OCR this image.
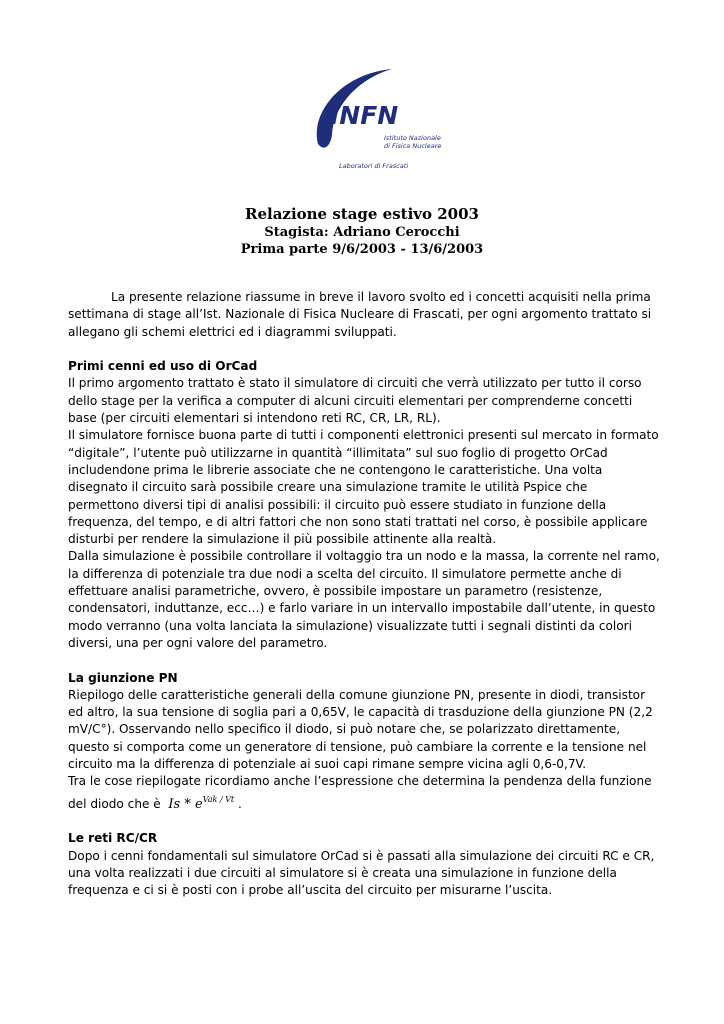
INFN
Istituto Nazionale
di Fisica Nucleare
Laboratori di Frascati
Relazione stage estivo 2003
Stagista: Adriano Cerocchi
Prima parte 9/6/2003 - 13/6/2003

La presente relazione riassume in breve il lavoro svolto ed i concetti acquisiti nella prima settimana di stage all’Ist. Nazionale di Fisica Nucleare di Frascati, per ogni argomento trattato si allegano gli schemi elettrici ed i diagrammi sviluppati.

Primi cenni ed uso di OrCad

Il primo argomento trattato è stato il simulatore di circuiti che verrà utilizzato per tutto il corso dello stage per la verifica a computer di alcuni circuiti elementari per comprenderne concetti base (per circuiti elementari si intendono reti RC, CR, LR, RL).

Il simulatore fornisce buona parte di tutti i componenti elettronici presenti sul mercato in formato “digitale”, l’utente può utilizzarne in quantità “illimitata” sul suo foglio di progetto OrCad includendone prima le librerie associate che ne contengono le caratteristiche. Una volta disegnato il circuito sarà possibile creare una simulazione tramite le utilità Pspice che permettono diversi tipi di analisi possibili: il circuito può essere studiato in funzione della frequenza, del tempo, e di altri fattori che non sono stati trattati nel corso, è possibile applicare disturbi per rendere la simulazione il più possibile attinente alla realtà.

Dalla simulazione è possibile controllare il voltaggio tra un nodo e la massa, la corrente nel ramo, la differenza di potenziale tra due nodi a scelta del circuito. Il simulatore permette anche di effettuare analisi parametriche, ovvero, è possibile impostare un parametro (resistenze, condensatori, induttanze, ecc…) e farlo variare in un intervallo impostabile dall’utente, in questo modo verranno (una volta lanciata la simulazione) visualizzate tutti i segnali distinti da colori diversi, una per ogni valore del parametro.

La giunzione PN

Riepilogo delle caratteristiche generali della comune giunzione PN, presente in diodi, transistor ed altro, la sua tensione di soglia pari a 0,65V, le capacità di trasduzione della giunzione PN (2,2 mV/C°). Osservando nello specifico il diodo, si può notare che, se polarizzato direttamente, questo si comporta come un generatore di tensione, può cambiare la corrente e la tensione nel circuito ma la differenza di potenziale ai suoi capi rimane sempre vicina agli 0,6-0,7V.

Tra le cose riepilogate ricordiamo anche l’espressione che determina la pendenza della funzione del diodo che è Is * $e^{Vak / Vt}$ .

Le reti RC/CR

Dopo i cenni fondamentali sul simulatore OrCad si è passati alla simulazione dei circuiti RC e CR, una volta realizzati i due circuiti al simulatore si è creata una simulazione in funzione della frequenza e ci si è posti con i probe all’uscita del circuito per misurarne l’uscita.
